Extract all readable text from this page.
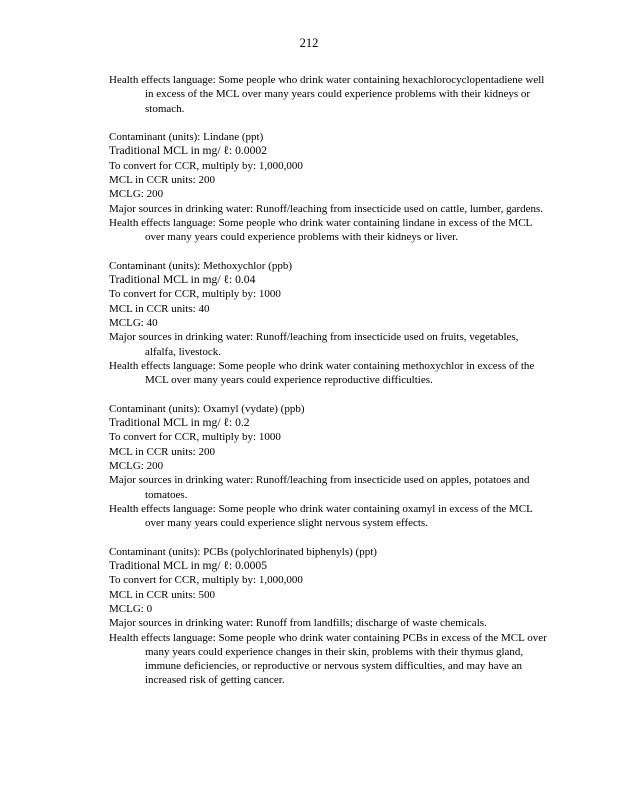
212
Health effects language: Some people who drink water containing hexachlorocyclopentadiene well in excess of the MCL over many years could experience problems with their kidneys or stomach.
Contaminant (units): Lindane (ppt)
Traditional MCL in mg/ ℓ: 0.0002
To convert for CCR, multiply by: 1,000,000
MCL in CCR units: 200
MCLG: 200
Major sources in drinking water: Runoff/leaching from insecticide used on cattle, lumber, gardens.
Health effects language: Some people who drink water containing lindane in excess of the MCL over many years could experience problems with their kidneys or liver.
Contaminant (units): Methoxychlor (ppb)
Traditional MCL in mg/ ℓ: 0.04
To convert for CCR, multiply by: 1000
MCL in CCR units: 40
MCLG: 40
Major sources in drinking water: Runoff/leaching from insecticide used on fruits, vegetables, alfalfa, livestock.
Health effects language: Some people who drink water containing methoxychlor in excess of the MCL over many years could experience reproductive difficulties.
Contaminant (units): Oxamyl (vydate) (ppb)
Traditional MCL in mg/ ℓ: 0.2
To convert for CCR, multiply by: 1000
MCL in CCR units: 200
MCLG: 200
Major sources in drinking water: Runoff/leaching from insecticide used on apples, potatoes and tomatoes.
Health effects language: Some people who drink water containing oxamyl in excess of the MCL over many years could experience slight nervous system effects.
Contaminant (units): PCBs (polychlorinated biphenyls) (ppt)
Traditional MCL in mg/ ℓ: 0.0005
To convert for CCR, multiply by: 1,000,000
MCL in CCR units: 500
MCLG: 0
Major sources in drinking water: Runoff from landfills; discharge of waste chemicals.
Health effects language: Some people who drink water containing PCBs in excess of the MCL over many years could experience changes in their skin, problems with their thymus gland, immune deficiencies, or reproductive or nervous system difficulties, and may have an increased risk of getting cancer.
